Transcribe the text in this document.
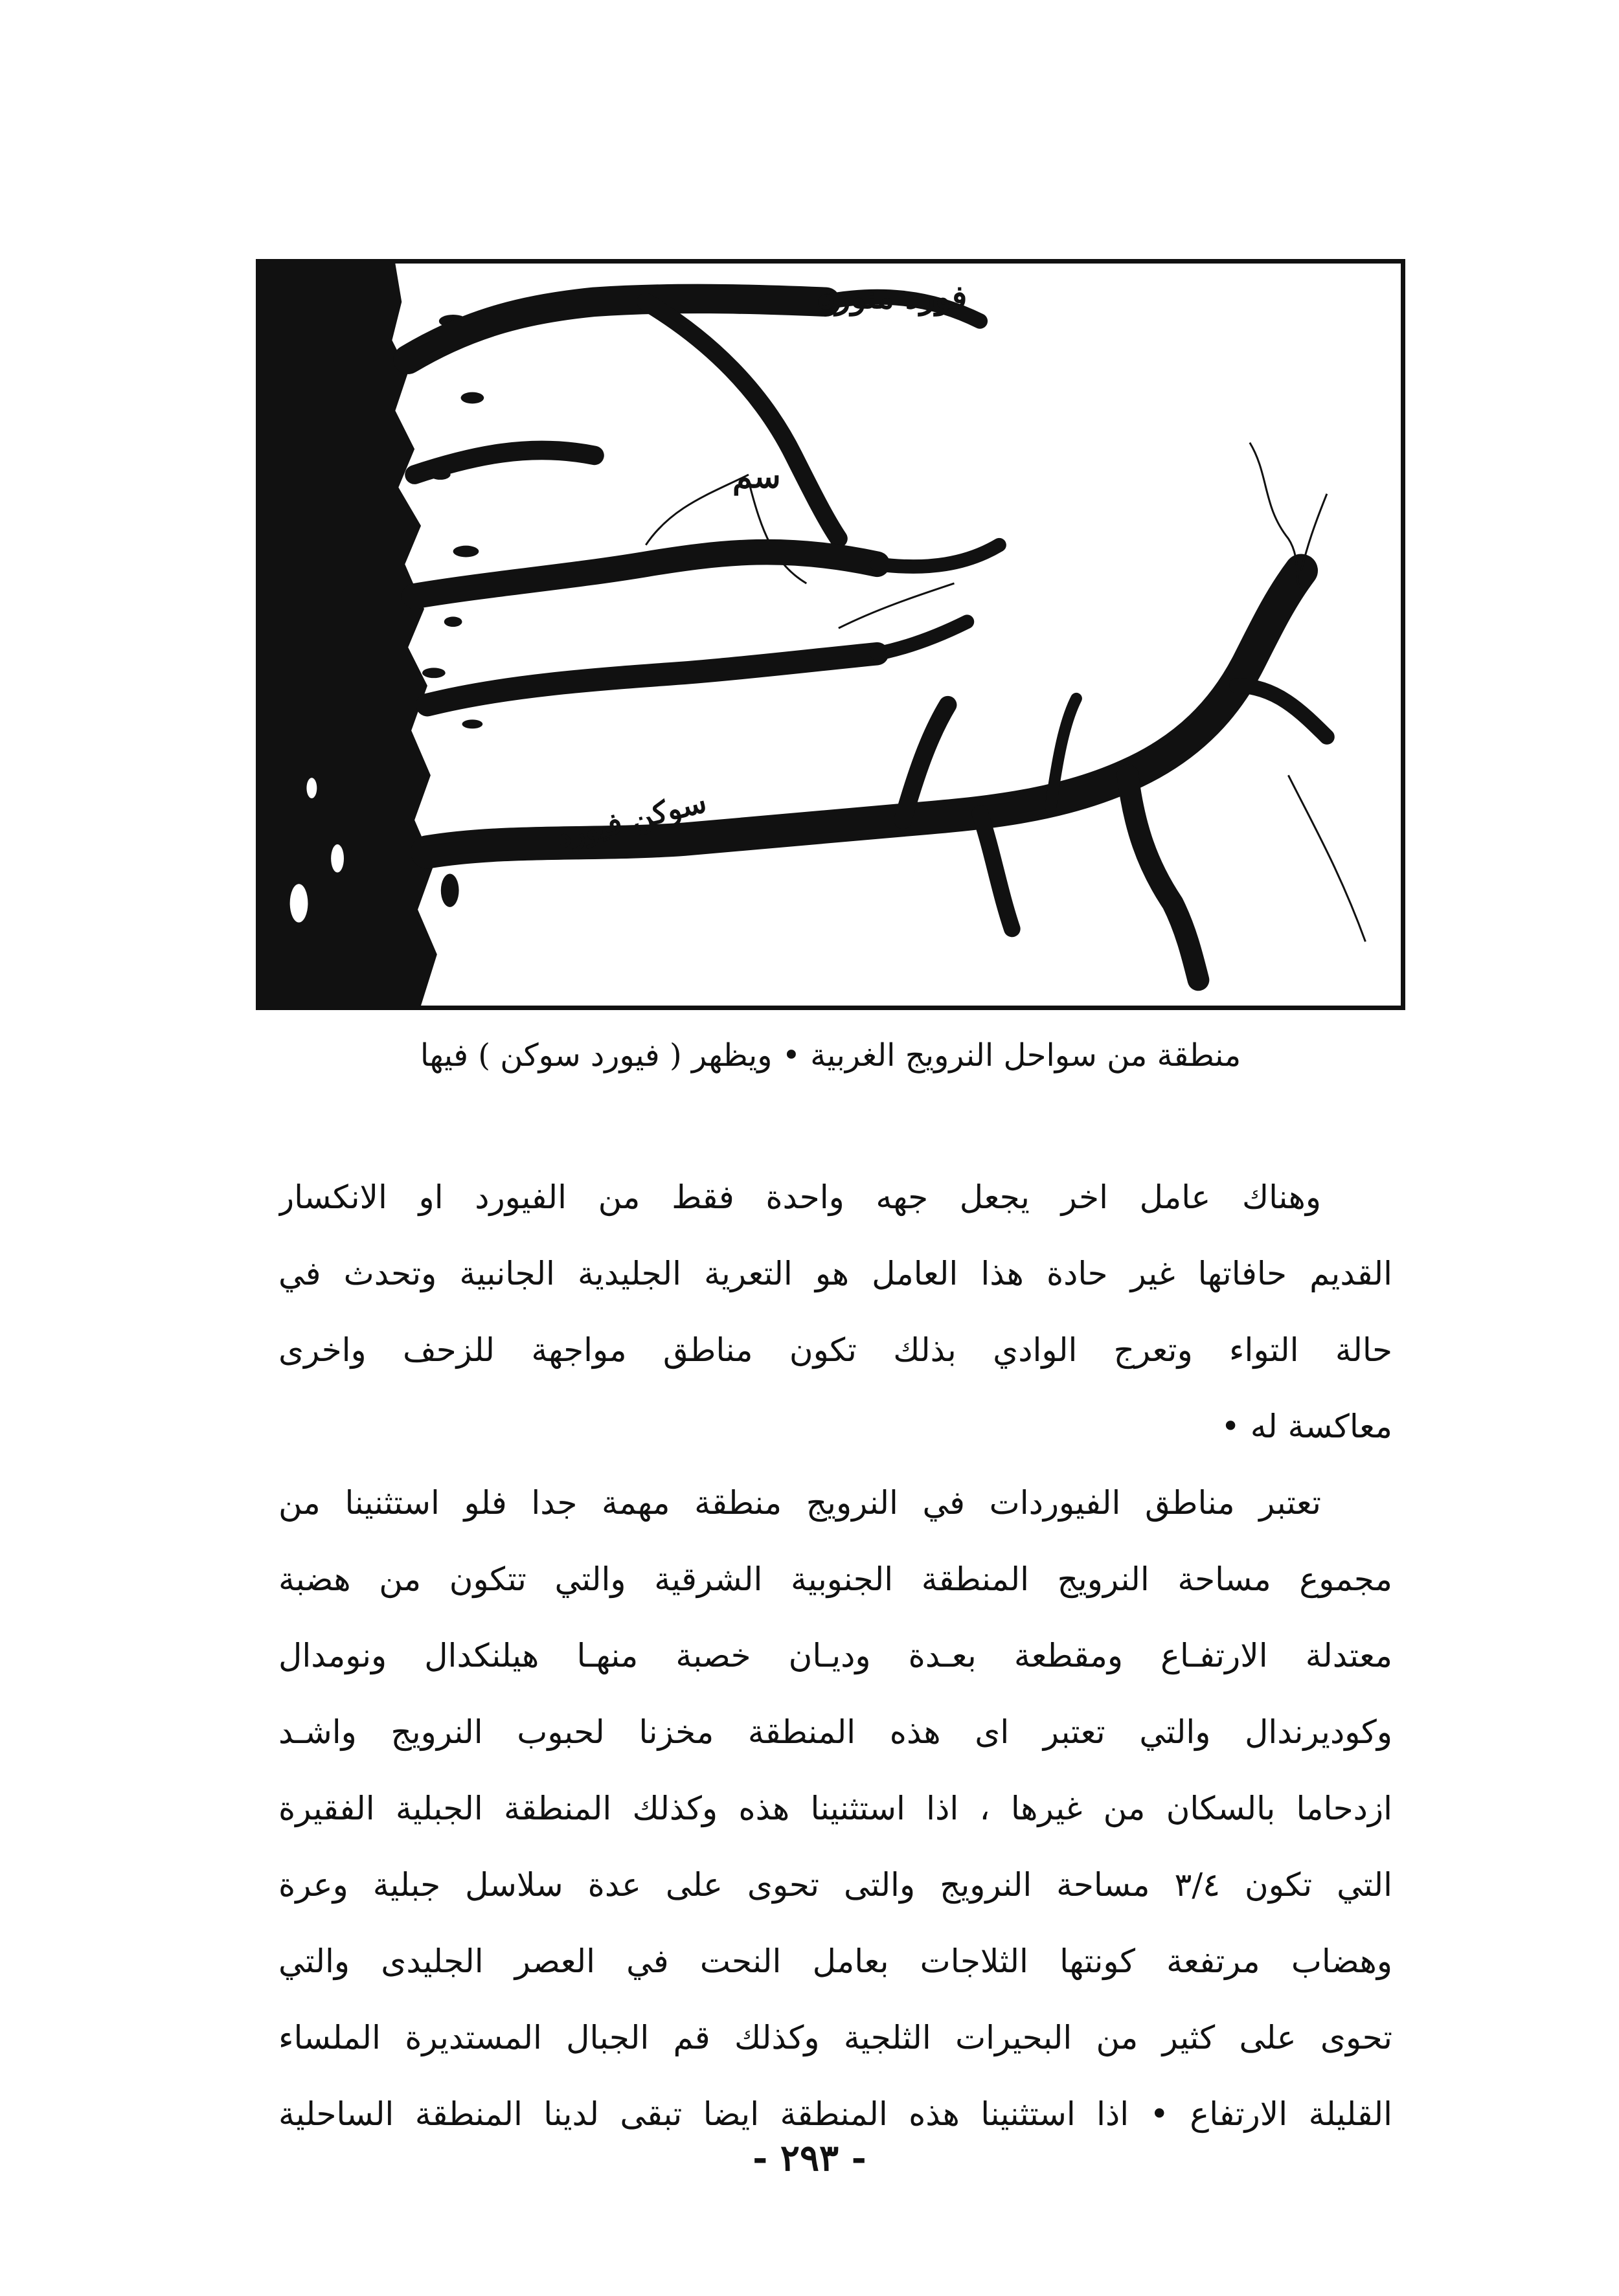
فورد منورد
سم
سوكن فيورد
منطقة من سواحل النرويج الغربية • ويظهر ( فيورد سوكن ) فيها
وهناك عامل اخر يجعل جهه واحدة فقط من الفيورد او الانكسار
القديم حافاتها غير حادة هذا العامل هو التعرية الجليدية الجانبية وتحدث في
حالة التواء وتعرج الوادي بذلك تكون مناطق مواجهة للزحف واخرى
معاكسة له •
تعتبر مناطق الفيوردات في النرويج منطقة مهمة جدا فلو استثنينا من
مجموع مساحة النرويج المنطقة الجنوبية الشرقية والتي تتكون من هضبة
معتدلة الارتفـاع ومقطعة بعـدة وديـان خصبة منهـا هيلنكدال ونومدال
وكوديرندال والتي تعتبر اى هذه المنطقة مخزنا لحبوب النرويج واشـد
ازدحاما بالسكان من غيرها ، اذا استثنينا هذه وكذلك المنطقة الجبلية الفقيرة
التي تكون ٣/٤ مساحة النرويج والتى تحوى على عدة سلاسل جبلية وعرة
وهضاب مرتفعة كونتها الثلاجات بعامل النحت في العصر الجليدى والتي
تحوى على كثير من البحيرات الثلجية وكذلك قم الجبال المستديرة الملساء
القليلة الارتفاع • اذا استثنينا هذه المنطقة ايضا تبقى لدينا المنطقة الساحلية
- ٢٩٣ -
